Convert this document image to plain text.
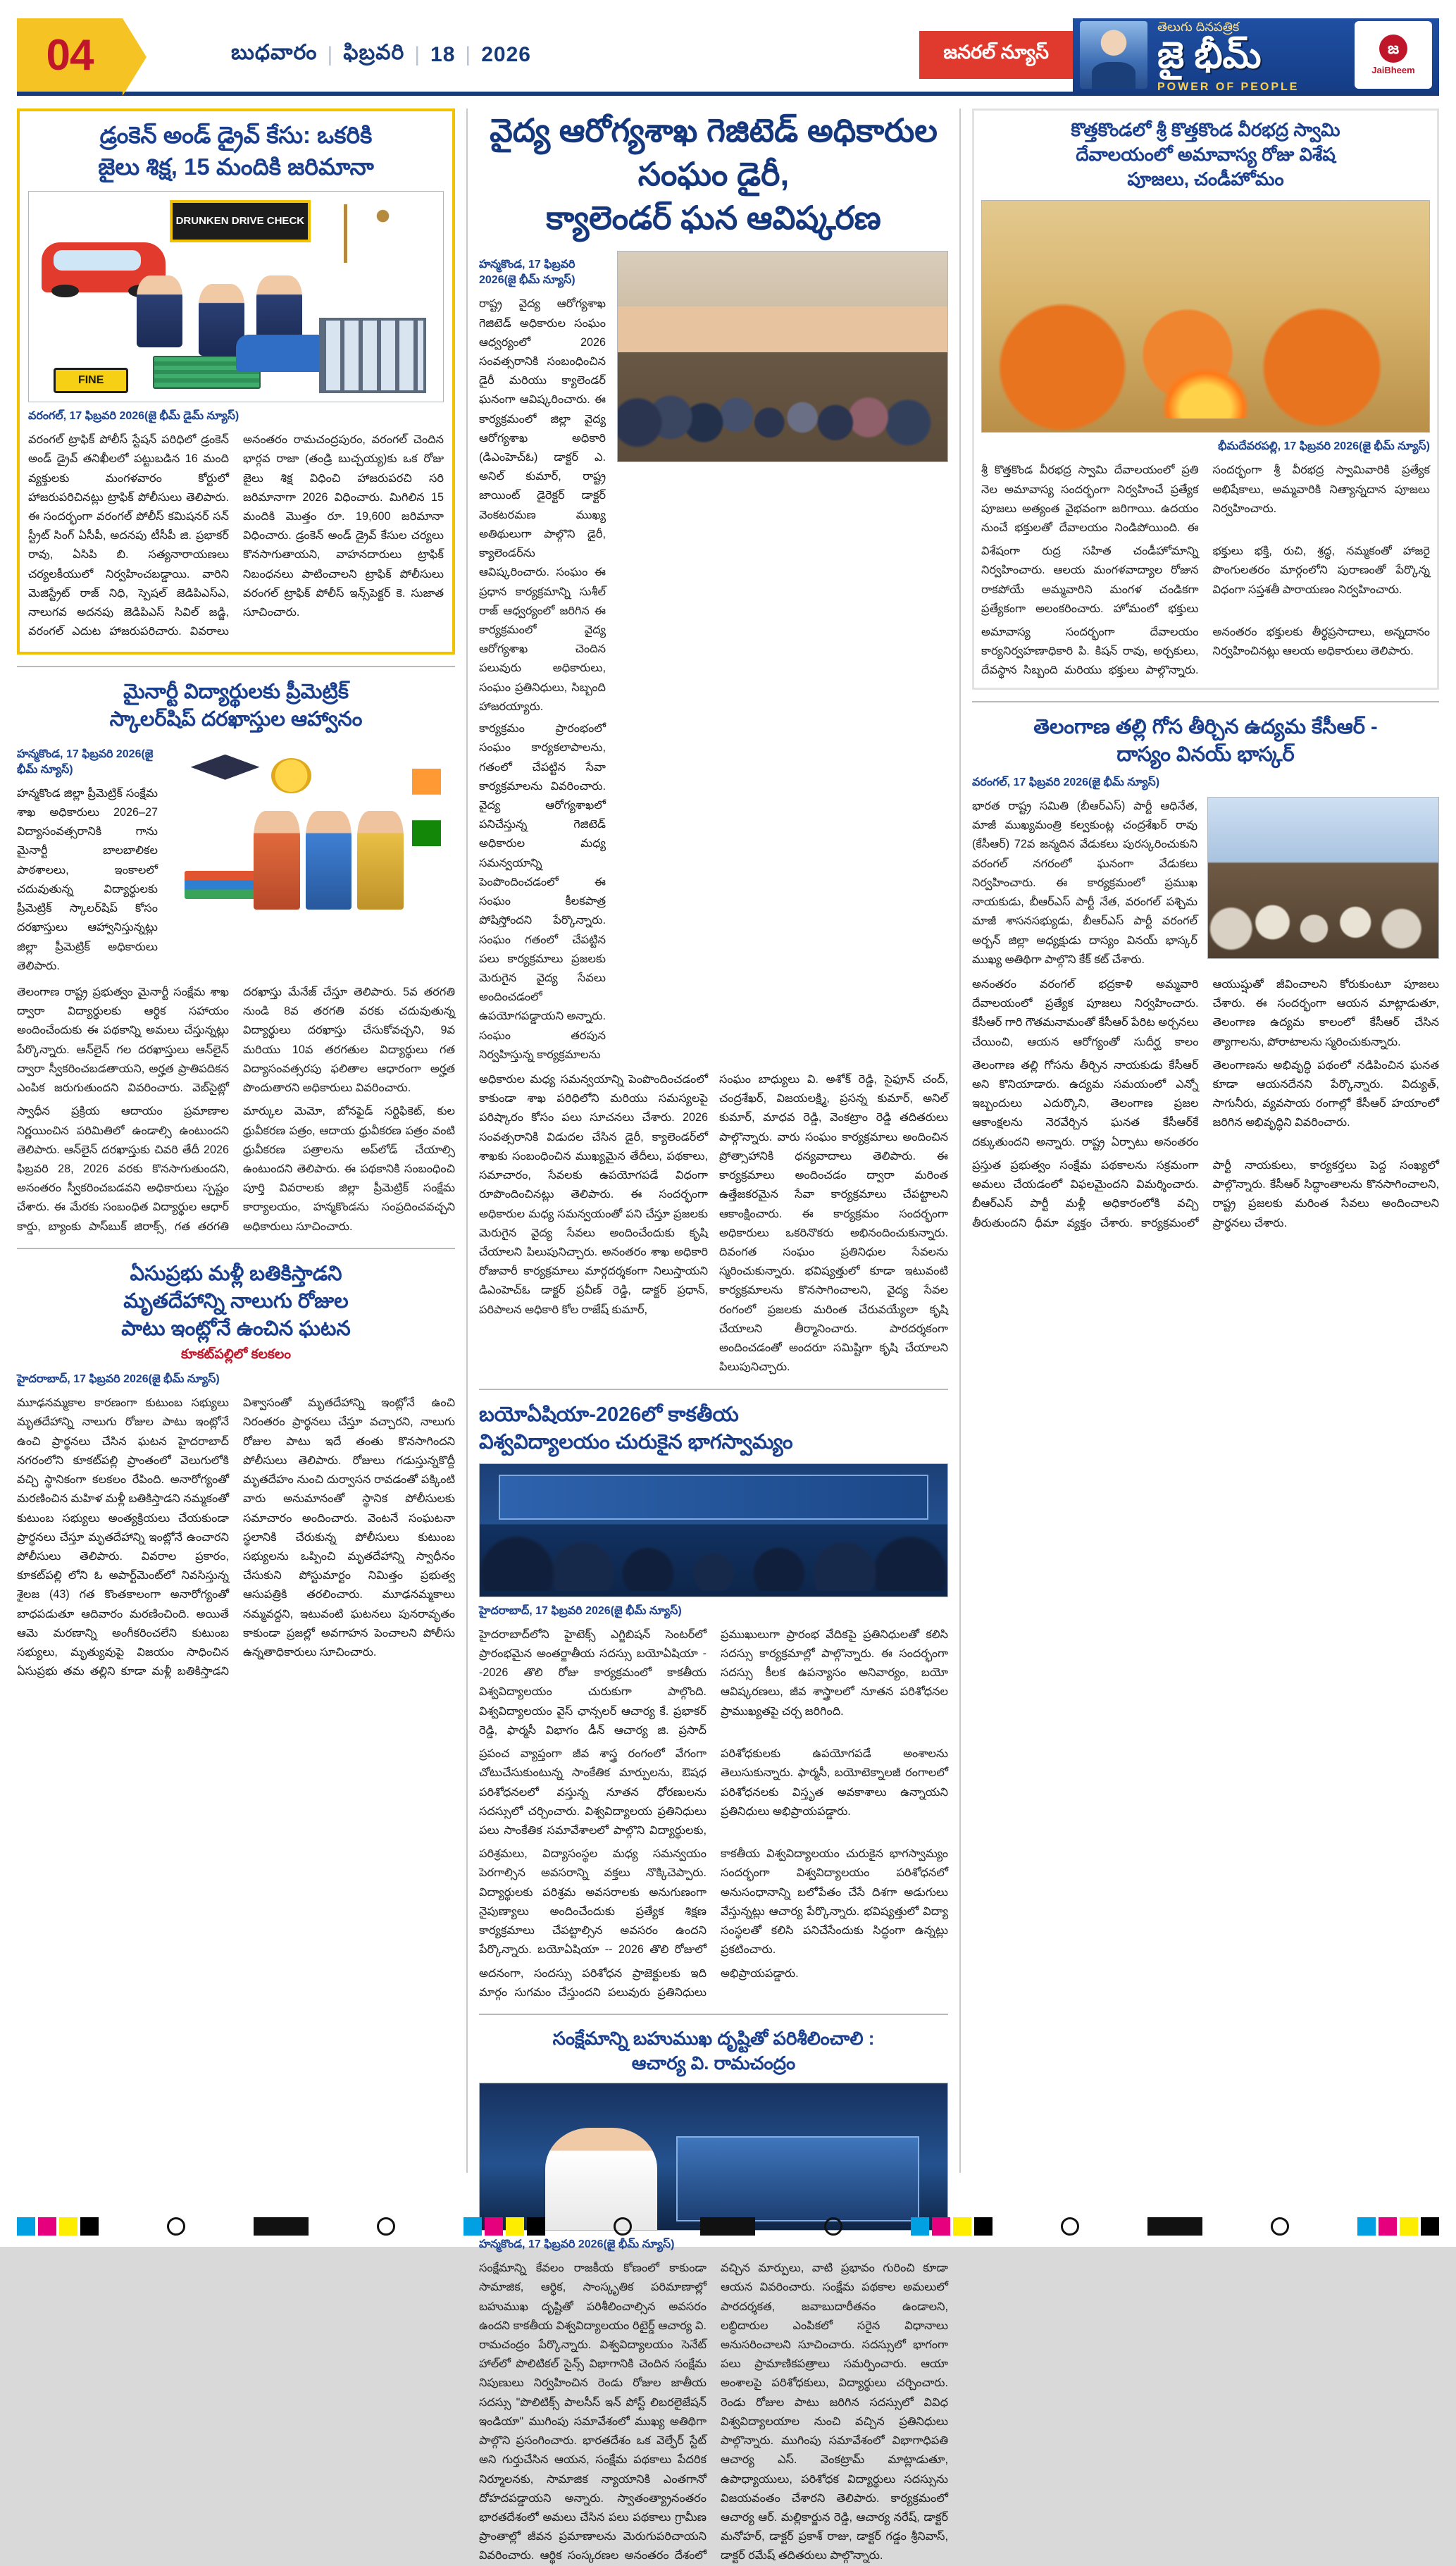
04	బుధవారం | ఫిబ్రవరి | 18 | 2026	జనరల్ న్యూస్
తెలుగు దినపత్రిక
జై భీమ్
POWER OF PEOPLE
జ
JaiBheem
డ్రంకెన్ అండ్ డ్రైవ్ కేసు: ఒకరికి
జైలు శిక్ష, 15 మందికి జరిమానా
DRUNKEN DRIVE CHECK
FINE
వరంగల్, 17 ఫిబ్రవరి 2026(జై భీమ్ డైమ్ న్యూస్)
వరంగల్ ట్రాఫిక్ పోలీస్ స్టేషన్ పరిధిలో డ్రంకెన్ అండ్ డ్రైవ్ తనిఖీలలో పట్టుబడిన 16 మంది వ్యక్తులకు మంగళవారం కోర్టులో హాజరుపరిచినట్లు ట్రాఫిక్ పోలీసులు తెలిపారు. ఈ సందర్భంగా వరంగల్ పోలీస్ కమిషనర్ సన్ స్ట్రీట్ సింగ్ ఏసీపీ, అదనపు టీసీపీ జి. ప్రభాకర్ రావు, ఏసిపి బి. సత్యనారాయణలు చర్యలకీయులో నిర్వహించబడ్డాయి. వారిని మెజిస్ట్రేట్ రాజ్ నిధి, స్పెషల్ జెడిపిఎస్ఎ, నాలుగవ అదనపు జెడిపిఎస్ సివిల్ జడ్జి, వరంగల్ ఎదుట హాజరుపరిచారు. వివరాలు అనంతరం రామచంద్రపురం, వరంగల్ చెందిన భార్గవ రాజా (తండ్రి బుచ్చయ్య)కు ఒక రోజు జైలు శిక్ష విధించి హాజరుపరచి సరి జరిమానాగా 2026 విధించారు. మిగిలిన 15 మందికి మొత్తం రూ. 19,600 జరిమానా విధించారు. డ్రంకెన్ అండ్ డ్రైవ్ కేసుల చర్యలు కొనసాగుతాయని, వాహనదారులు ట్రాఫిక్ నిబంధనలు పాటించాలని ట్రాఫిక్ పోలీసులు వరంగల్ ట్రాఫిక్ పోలీస్ ఇన్స్‌పెక్టర్ కె. సుజాత సూచించారు.
మైనార్టీ విద్యార్థులకు ప్రీమెట్రిక్
స్కాలర్‌షిప్ దరఖాస్తుల ఆహ్వానం
హన్మకొండ, 17 ఫిబ్రవరి 2026(జై భీమ్ న్యూస్)
హన్మకొండ జిల్లా ప్రీమెట్రిక్ సంక్షేమ శాఖ అధికారులు 2026–27 విద్యాసంవత్సరానికి గాను మైనార్టీ బాలబాలికల పాఠశాలలు, ఇంకాలలో చదువుతున్న విద్యార్థులకు ప్రీమెట్రిక్ స్కాలర్‌షిప్ కోసం దరఖాస్తులు ఆహ్వానిస్తున్నట్లు జిల్లా ప్రీమెట్రిక్ అధికారులు తెలిపారు.
తెలంగాణ రాష్ట్ర ప్రభుత్వం మైనార్టీ సంక్షేమ శాఖ ద్వారా విద్యార్థులకు ఆర్థిక సహాయం అందించేందుకు ఈ పథకాన్ని అమలు చేస్తున్నట్లు పేర్కొన్నారు. ఆన్‌లైన్ గల దరఖాస్తులు ఆన్‌లైన్ ద్వారా స్వీకరించబడతాయని, అర్హత ప్రాతిపదికన ఎంపిక జరుగుతుందని వివరించారు. వెబ్‌సైట్లో దరఖాస్తు మేనేజ్ చేస్తూ తెలిపారు. 5వ తరగతి నుండి 8వ తరగతి వరకు చదువుతున్న విద్యార్థులు దరఖాస్తు చేసుకోవచ్చని, 9వ మరియు 10వ తరగతుల విద్యార్థులు గత విద్యాసంవత్సరపు ఫలితాల ఆధారంగా అర్హత పొందుతారని అధికారులు వివరించారు.
స్వాధీన ప్రక్రియ ఆదాయం ప్రమాణాల నిర్ణయించిన పరిమితిలో ఉండాల్సి ఉంటుందని తెలిపారు. ఆన్‌లైన్ దరఖాస్తుకు చివరి తేదీ 2026 ఫిబ్రవరి 28, 2026 వరకు కొనసాగుతుందని, అనంతరం స్వీకరించబడవని అధికారులు స్పష్టం చేశారు. ఈ మేరకు సంబంధిత విద్యార్థుల ఆధార్ కార్డు, బ్యాంకు పాస్‌బుక్ జిరాక్స్, గత తరగతి మార్కుల మెమో, బోనఫైడ్ సర్టిఫికెట్, కుల ధ్రువీకరణ పత్రం, ఆదాయ ధ్రువీకరణ పత్రం వంటి ధ్రువీకరణ పత్రాలను అప్‌లోడ్ చేయాల్సి ఉంటుందని తెలిపారు. ఈ పథకానికి సంబంధించి పూర్తి వివరాలకు జిల్లా ప్రీమెట్రిక్ సంక్షేమ కార్యాలయం, హన్మకొండను సంప్రదించవచ్చని అధికారులు సూచించారు.
ఏసుప్రభు మళ్లీ బతికిస్తాడని
మృతదేహాన్ని నాలుగు రోజుల
పాటు ఇంట్లోనే ఉంచిన ఘటన
కూకట్‌పల్లిలో కలకలం
హైదరాబాద్, 17 ఫిబ్రవరి 2026(జై భీమ్ న్యూస్)
మూఢనమ్మకాల కారణంగా కుటుంబ సభ్యులు మృతదేహాన్ని నాలుగు రోజుల పాటు ఇంట్లోనే ఉంచి ప్రార్థనలు చేసిన ఘటన హైదరాబాద్ నగరంలోని కూకట్‌పల్లి ప్రాంతంలో వెలుగులోకి వచ్చి స్థానికంగా కలకలం రేపింది. అనారోగ్యంతో మరణించిన మహిళ మళ్లీ బతికిస్తాడని నమ్మకంతో కుటుంబ సభ్యులు అంత్యక్రియలు చేయకుండా ప్రార్థనలు చేస్తూ మృతదేహాన్ని ఇంట్లోనే ఉంచారని పోలీసులు తెలిపారు. వివరాల ప్రకారం, కూకట్‌పల్లి లోని ఓ అపార్ట్‌మెంట్‌లో నివసిస్తున్న శైలజ (43) గత కొంతకాలంగా అనారోగ్యంతో బాధపడుతూ ఆదివారం మరణించింది. అయితే ఆమె మరణాన్ని అంగీకరించలేని కుటుంబ సభ్యులు, మృత్యువుపై విజయం సాధించిన ఏసుప్రభు తమ తల్లిని కూడా మళ్లీ బతికిస్తాడని విశ్వాసంతో మృతదేహాన్ని ఇంట్లోనే ఉంచి నిరంతరం ప్రార్థనలు చేస్తూ వచ్చారని, నాలుగు రోజుల పాటు ఇదే తంతు కొనసాగిందని పోలీసులు తెలిపారు. రోజులు గడుస్తున్నకొద్దీ మృతదేహం నుంచి దుర్వాసన రావడంతో పక్కింటి వారు అనుమానంతో స్థానిక పోలీసులకు సమాచారం అందించారు. వెంటనే సంఘటనా స్థలానికి చేరుకున్న పోలీసులు కుటుంబ సభ్యులను ఒప్పించి మృతదేహాన్ని స్వాధీనం చేసుకుని పోస్టుమార్టం నిమిత్తం ప్రభుత్వ ఆసుపత్రికి తరలించారు. మూఢనమ్మకాలు నమ్మవద్దని, ఇటువంటి ఘటనలు పునరావృతం కాకుండా ప్రజల్లో అవగాహన పెంచాలని పోలీసు ఉన్నతాధికారులు సూచించారు.
వైద్య ఆరోగ్యశాఖ గెజిటెడ్ అధికారుల సంఘం డైరీ,
క్యాలెండర్ ఘన ఆవిష్కరణ
హన్మకొండ, 17 ఫిబ్రవరి 2026(జై భీమ్ న్యూస్)
రాష్ట్ర వైద్య ఆరోగ్యశాఖ గెజిటెడ్ అధికారుల సంఘం ఆధ్వర్యంలో 2026 సంవత్సరానికి సంబంధించిన డైరీ మరియు క్యాలెండర్ ఘనంగా ఆవిష్కరించారు. ఈ కార్యక్రమంలో జిల్లా వైద్య ఆరోగ్యశాఖ అధికారి (డిఎంహెచ్‌ఓ) డాక్టర్ ఎ. అనిల్ కుమార్, రాష్ట్ర జాయింట్ డైరెక్టర్ డాక్టర్ వెంకటరమణ ముఖ్య అతిథులుగా పాల్గొని డైరీ, క్యాలెండర్‌ను ఆవిష్కరించారు. సంఘం ఈ ప్రధాన కార్యక్రమాన్ని సుశీల్ రాజ్ ఆధ్వర్యంలో జరిగిన ఈ కార్యక్రమంలో వైద్య ఆరోగ్యశాఖ చెందిన పలువురు అధికారులు, సంఘం ప్రతినిధులు, సిబ్బంది హాజరయ్యారు.
కార్యక్రమం ప్రారంభంలో సంఘం కార్యకలాపాలను, గతంలో చేపట్టిన సేవా కార్యక్రమాలను వివరించారు. వైద్య ఆరోగ్యశాఖలో పనిచేస్తున్న గెజిటెడ్ అధికారుల మధ్య సమన్వయాన్ని పెంపొందించడంలో ఈ సంఘం కీలకపాత్ర పోషిస్తోందని పేర్కొన్నారు. సంఘం గతంలో చేపట్టిన పలు కార్యక్రమాలు ప్రజలకు మెరుగైన వైద్య సేవలు అందించడంలో ఉపయోగపడ్డాయని అన్నారు. సంఘం తరపున నిర్వహిస్తున్న కార్యక్రమాలను
అధికారుల మధ్య సమన్వయాన్ని పెంపొందించడంలో కాకుండా శాఖ పరిధిలోని మరియు సమస్యలపై పరిష్కారం కోసం పలు సూచనలు చేశారు. 2026 సంవత్సరానికి విడుదల చేసిన డైరీ, క్యాలెండర్‌లో శాఖకు సంబంధించిన ముఖ్యమైన తేదీలు, పథకాలు, సమాచారం, సేవలకు ఉపయోగపడే విధంగా రూపొందించినట్లు తెలిపారు. ఈ సందర్భంగా అధికారుల మధ్య సమన్వయంతో పని చేస్తూ ప్రజలకు మెరుగైన వైద్య సేవలు అందించేందుకు కృషి చేయాలని పిలుపునిచ్చారు. అనంతరం శాఖ అధికారి రోజువారీ కార్యక్రమాలు మార్గదర్శకంగా నిలుస్తాయని డిఎంహెచ్‌ఓ డాక్టర్ ప్రవీణ్ రెడ్డి, డాక్టర్ ప్రధాన్, పరిపాలన అధికారి కోల రాజేష్ కుమార్,
సంఘం బాధ్యులు వి. అశోక్ రెడ్డి, సైఫూన్ చంద్, చంద్రశేఖర్, విజయలక్ష్మి, ప్రసన్న కుమార్, అనిల్ కుమార్, మాధవ రెడ్డి, వెంకట్రాం రెడ్డి తదితరులు పాల్గొన్నారు. వారు సంఘం కార్యక్రమాలు అందించిన ప్రోత్సాహానికి ధన్యవాదాలు తెలిపారు. ఈ కార్యక్రమాలు అందించడం ద్వారా మరింత ఉత్తేజకరమైన సేవా కార్యక్రమాలు చేపట్టాలని ఆకాంక్షించారు. ఈ కార్యక్రమం సందర్భంగా అధికారులు ఒకరినొకరు అభినందించుకున్నారు. దివంగత సంఘం ప్రతినిధుల సేవలను స్మరించుకున్నారు. భవిష్యత్తులో కూడా ఇటువంటి కార్యక్రమాలను కొనసాగించాలని, వైద్య సేవల రంగంలో ప్రజలకు మరింత చేరువయ్యేలా కృషి చేయాలని తీర్మానించారు. పారదర్శకంగా అందించడంతో అందరూ సమిష్టిగా కృషి చేయాలని పిలుపునిచ్చారు.
బయోఏషియా-2026లో కాకతీయ
విశ్వవిద్యాలయం చురుకైన భాగస్వామ్యం
హైదరాబాద్, 17 ఫిబ్రవరి 2026(జై భీమ్ న్యూస్)
హైదరాబాద్‌లోని హైటెక్స్ ఎగ్జిబిషన్ సెంటర్‌లో ప్రారంభమైన అంతర్జాతీయ సదస్సు బయోఏషియా --2026 తొలి రోజు కార్యక్రమంలో కాకతీయ విశ్వవిద్యాలయం చురుకుగా పాల్గొంది. విశ్వవిద్యాలయం వైస్ ఛాన్సలర్ ఆచార్య కే. ప్రభాకర్ రెడ్డి, ఫార్మసీ విభాగం డీన్ ఆచార్య జి. ప్రసాద్ ప్రముఖులుగా ప్రారంభ వేదికపై ప్రతినిధులతో కలిసి సదస్సు కార్యక్రమాల్లో పాల్గొన్నారు. ఈ సందర్భంగా సదస్సు కీలక ఉపన్యాసం అనివార్యం, బయో ఆవిష్కరణలు, జీవ శాస్త్రాలలో నూతన పరిశోధనల ప్రాముఖ్యతపై చర్చ జరిగింది.
ప్రపంచ వ్యాప్తంగా జీవ శాస్త్ర రంగంలో వేగంగా చోటుచేసుకుంటున్న సాంకేతిక మార్పులను, ఔషధ పరిశోధనలలో వస్తున్న నూతన ధోరణులను సదస్సులో చర్చించారు. విశ్వవిద్యాలయ ప్రతినిధులు పలు సాంకేతిక సమావేశాలలో పాల్గొని విద్యార్థులకు, పరిశోధకులకు ఉపయోగపడే అంశాలను తెలుసుకున్నారు. ఫార్మసీ, బయోటెక్నాలజీ రంగాలలో పరిశోధనలకు విస్తృత అవకాశాలు ఉన్నాయని ప్రతినిధులు అభిప్రాయపడ్డారు.
పరిశ్రమలు, విద్యాసంస్థల మధ్య సమన్వయం పెరగాల్సిన అవసరాన్ని వక్తలు నొక్కిచెప్పారు. విద్యార్థులకు పరిశ్రమ అవసరాలకు అనుగుణంగా నైపుణ్యాలు అందించేందుకు ప్రత్యేక శిక్షణ కార్యక్రమాలు చేపట్టాల్సిన అవసరం ఉందని పేర్కొన్నారు. బయోఏషియా -- 2026 తొలి రోజులో కాకతీయ విశ్వవిద్యాలయం చురుకైన భాగస్వామ్యం సందర్భంగా విశ్వవిద్యాలయం పరిశోధనలో అనుసంధానాన్ని బలోపేతం చేసే దిశగా అడుగులు వేస్తున్నట్లు ఆచార్య పేర్కొన్నారు. భవిష్యత్తులో విద్యా సంస్థలతో కలిసి పనిచేసేందుకు సిద్ధంగా ఉన్నట్లు ప్రకటించారు.
అదనంగా, సందస్సు పరిశోధన ప్రాజెక్టులకు ఇది మార్గం సుగమం చేస్తుందని పలువురు ప్రతినిధులు అభిప్రాయపడ్డారు.
సంక్షేమాన్ని బహుముఖ దృష్టితో పరిశీలించాలి :
ఆచార్య వి. రామచంద్రం
హన్మకొండ, 17 ఫిబ్రవరి 2026(జై భీమ్ న్యూస్)
సంక్షేమాన్ని కేవలం రాజకీయ కోణంలో కాకుండా సామాజిక, ఆర్థిక, సాంస్కృతిక పరిమాణాల్లో బహుముఖ దృష్టితో పరిశీలించాల్సిన అవసరం ఉందని కాకతీయ విశ్వవిద్యాలయం రిటైర్డ్ ఆచార్య వి. రామచంద్రం పేర్కొన్నారు. విశ్వవిద్యాలయం సెనేట్ హాల్‌లో పొలిటికల్ సైన్స్ విభాగానికి చెందిన సంక్షేమ నిపుణులు నిర్వహించిన రెండు రోజుల జాతీయ సదస్సు "పొలిటిక్స్ పాలసీస్ ఇన్ పోస్ట్ లిబరలైజేషన్ ఇండియా" ముగింపు సమావేశంలో ముఖ్య అతిథిగా పాల్గొని ప్రసంగించారు. భారతదేశం ఒక వెల్ఫేర్ స్టేట్ అని గుర్తుచేసిన ఆయన, సంక్షేమ పథకాలు పేదరిక నిర్మూలనకు, సామాజిక న్యాయానికి ఎంతగానో దోహదపడ్డాయని అన్నారు. స్వాతంత్య్రానంతరం భారతదేశంలో అమలు చేసిన పలు పథకాలు గ్రామీణ ప్రాంతాల్లో జీవన ప్రమాణాలను మెరుగుపరిచాయని వివరించారు. ఆర్థిక సంస్కరణల అనంతరం దేశంలో వచ్చిన మార్పులు, వాటి ప్రభావం గురించి కూడా ఆయన వివరించారు. సంక్షేమ పథకాల అమలులో పారదర్శకత, జవాబుదారీతనం ఉండాలని, లబ్ధిదారుల ఎంపికలో సరైన విధానాలు అనుసరించాలని సూచించారు. సదస్సులో భాగంగా పలు ప్రామాణికపత్రాలు సమర్పించారు. ఆయా అంశాలపై పరిశోధకులు, విద్యార్థులు చర్చించారు. రెండు రోజుల పాటు జరిగిన సదస్సులో వివిధ విశ్వవిద్యాలయాల నుంచి వచ్చిన ప్రతినిధులు పాల్గొన్నారు. ముగింపు సమావేశంలో విభాగాధిపతి ఆచార్య ఎస్. వెంకట్రామ్ మాట్లాడుతూ, ఉపాధ్యాయులు, పరిశోధక విద్యార్థులు సదస్సును విజయవంతం చేశారని తెలిపారు. కార్యక్రమంలో ఆచార్య ఆర్. మల్లికార్జున రెడ్డి, ఆచార్య నరేష్, డాక్టర్ మనోహర్, డాక్టర్ ప్రకాశ్ రాజు, డాక్టర్ గడ్డం శ్రీనివాస్, డాక్టర్ రమేష్ తదితరులు పాల్గొన్నారు.
కొత్తకొండలో శ్రీ కొత్తకొండ వీరభద్ర స్వామి
దేవాలయంలో అమావాస్య రోజు విశేష
పూజలు, చండీహోమం
భీమదేవరపల్లి, 17 ఫిబ్రవరి 2026(జై భీమ్ న్యూస్)
శ్రీ కొత్తకొండ వీరభద్ర స్వామి దేవాలయంలో ప్రతి నెల అమావాస్య సందర్భంగా నిర్వహించే ప్రత్యేక పూజలు అత్యంత వైభవంగా జరిగాయి. ఉదయం నుంచే భక్తులతో దేవాలయం నిండిపోయింది. ఈ సందర్భంగా శ్రీ వీరభద్ర స్వామివారికి ప్రత్యేక అభిషేకాలు, అమ్మవారికి నిత్యాన్నదాన పూజలు నిర్వహించారు.
విశేషంగా రుద్ర సహిత చండీహోమాన్ని నిర్వహించారు. ఆలయ మంగళవాద్యాల రోజున రాకపోయే అమ్మవారిని మంగళ చండికగా ప్రత్యేకంగా అలంకరించారు. హోమంలో భక్తులు భక్తులు భక్తి, రుచి, శ్రద్ధ, నమ్మకంతో హాజరై పొంగులతరం మార్గంలోని పురాణంతో పేర్కొన్న విధంగా సప్తశతీ పారాయణం నిర్వహించారు.
అమావాస్య సందర్భంగా దేవాలయం కార్యనిర్వహణాధికారి పి. కిషన్ రావు, అర్చకులు, దేవస్థాన సిబ్బంది మరియు భక్తులు పాల్గొన్నారు. అనంతరం భక్తులకు తీర్థప్రసాదాలు, అన్నదానం నిర్వహించినట్లు ఆలయ అధికారులు తెలిపారు.
తెలంగాణ తల్లి గోస తీర్చిన ఉద్యమ కేసీఆర్ -
దాస్యం వినయ్ భాస్కర్
వరంగల్, 17 ఫిబ్రవరి 2026(జై భీమ్ న్యూస్)
భారత రాష్ట్ర సమితి (బీఆర్‌ఎస్) పార్టీ ఆధినేత, మాజీ ముఖ్యమంత్రి కల్వకుంట్ల చంద్రశేఖర్ రావు (కేసీఆర్) 72వ జన్మదిన వేడుకలు పురస్కరించుకుని వరంగల్ నగరంలో ఘనంగా వేడుకలు నిర్వహించారు. ఈ కార్యక్రమంలో ప్రముఖ నాయకుడు, బీఆర్‌ఎస్ పార్టీ నేత, వరంగల్ పశ్చిమ మాజీ శాసనసభ్యుడు, బీఆర్‌ఎస్ పార్టీ వరంగల్ అర్బన్ జిల్లా అధ్యక్షుడు దాస్యం వినయ్ భాస్కర్ ముఖ్య అతిథిగా పాల్గొని కేక్ కట్ చేశారు.
అనంతరం వరంగల్ భద్రకాళి అమ్మవారి దేవాలయంలో ప్రత్యేక పూజలు నిర్వహించారు. కేసీఆర్ గారి గౌతమనామంతో కేసీఆర్ పేరిట అర్చనలు చేయించి, ఆయన ఆరోగ్యంతో సుదీర్ఘ కాలం ఆయుష్షుతో జీవించాలని కోరుకుంటూ పూజలు చేశారు. ఈ సందర్భంగా ఆయన మాట్లాడుతూ, తెలంగాణ ఉద్యమ కాలంలో కేసీఆర్ చేసిన త్యాగాలను, పోరాటాలను స్మరించుకున్నారు.
తెలంగాణ తల్లి గోసను తీర్చిన నాయకుడు కేసీఆర్ అని కొనియాడారు. ఉద్యమ సమయంలో ఎన్నో ఇబ్బందులు ఎదుర్కొని, తెలంగాణ ప్రజల ఆకాంక్షలను నెరవేర్చిన ఘనత కేసీఆర్‌కే దక్కుతుందని అన్నారు. రాష్ట్ర ఏర్పాటు అనంతరం తెలంగాణను అభివృద్ధి పథంలో నడిపించిన ఘనత కూడా ఆయనదేనని పేర్కొన్నారు. విద్యుత్, సాగునీరు, వ్యవసాయ రంగాల్లో కేసీఆర్ హయాంలో జరిగిన అభివృద్ధిని వివరించారు.
ప్రస్తుత ప్రభుత్వం సంక్షేమ పథకాలను సక్రమంగా అమలు చేయడంలో విఫలమైందని విమర్శించారు. బీఆర్‌ఎస్ పార్టీ మళ్లీ అధికారంలోకి వచ్చి తీరుతుందని ధీమా వ్యక్తం చేశారు. కార్యక్రమంలో పార్టీ నాయకులు, కార్యకర్తలు పెద్ద సంఖ్యలో పాల్గొన్నారు. కేసీఆర్ సిద్ధాంతాలను కొనసాగించాలని, రాష్ట్ర ప్రజలకు మరింత సేవలు అందించాలని ప్రార్థనలు చేశారు.
